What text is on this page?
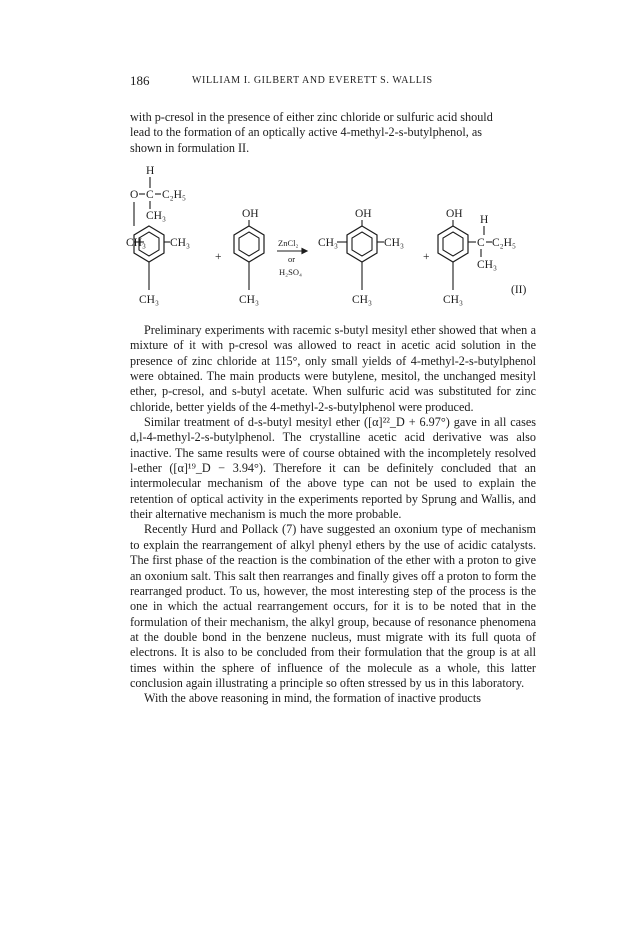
186	WILLIAM I. GILBERT AND EVERETT S. WALLIS

with p-cresol in the presence of either zinc chloride or sulfuric acid should

lead to the formation of an optically active 4-methyl-2-s-butylphenol, as

shown in formulation II.

H
O C C₂H₅
CH₃
CH₃ CH₃
CH₃
+
OH
CH₃
ZnCl₂
or
H₂SO₄
OH
CH₃	CH₃
CH₃
+
OH H
C C₂H₅
CH₃
CH₃
(II)

Preliminary experiments with racemic s-butyl mesityl ether showed that when a mixture of it with p-cresol was allowed to react in acetic acid solution in the presence of zinc chloride at 115°, only small yields of 4-methyl-2-s-butylphenol were obtained. The main products were butylene, mesitol, the unchanged mesityl ether, p-cresol, and s-butyl acetate. When sulfuric acid was substituted for zinc chloride, better yields of the 4-methyl-2-s-butylphenol were produced.

Similar treatment of d-s-butyl mesityl ether ([α]²²_D + 6.97°) gave in all cases d,l-4-methyl-2-s-butylphenol. The crystalline acetic acid derivative was also inactive. The same results were of course obtained with the incompletely resolved l-ether ([α]¹⁹_D − 3.94°). Therefore it can be definitely concluded that an intermolecular mechanism of the above type can not be used to explain the retention of optical activity in the experiments reported by Sprung and Wallis, and their alternative mechanism is much the more probable.

Recently Hurd and Pollack (7) have suggested an oxonium type of mechanism to explain the rearrangement of alkyl phenyl ethers by the use of acidic catalysts. The first phase of the reaction is the combination of the ether with a proton to give an oxonium salt. This salt then rearranges and finally gives off a proton to form the rearranged product. To us, however, the most interesting step of the process is the one in which the actual rearrangement occurs, for it is to be noted that in the formulation of their mechanism, the alkyl group, because of resonance phenomena at the double bond in the benzene nucleus, must migrate with its full quota of electrons. It is also to be concluded from their formulation that the group is at all times within the sphere of influence of the molecule as a whole, this latter conclusion again illustrating a principle so often stressed by us in this laboratory.

With the above reasoning in mind, the formation of inactive products
